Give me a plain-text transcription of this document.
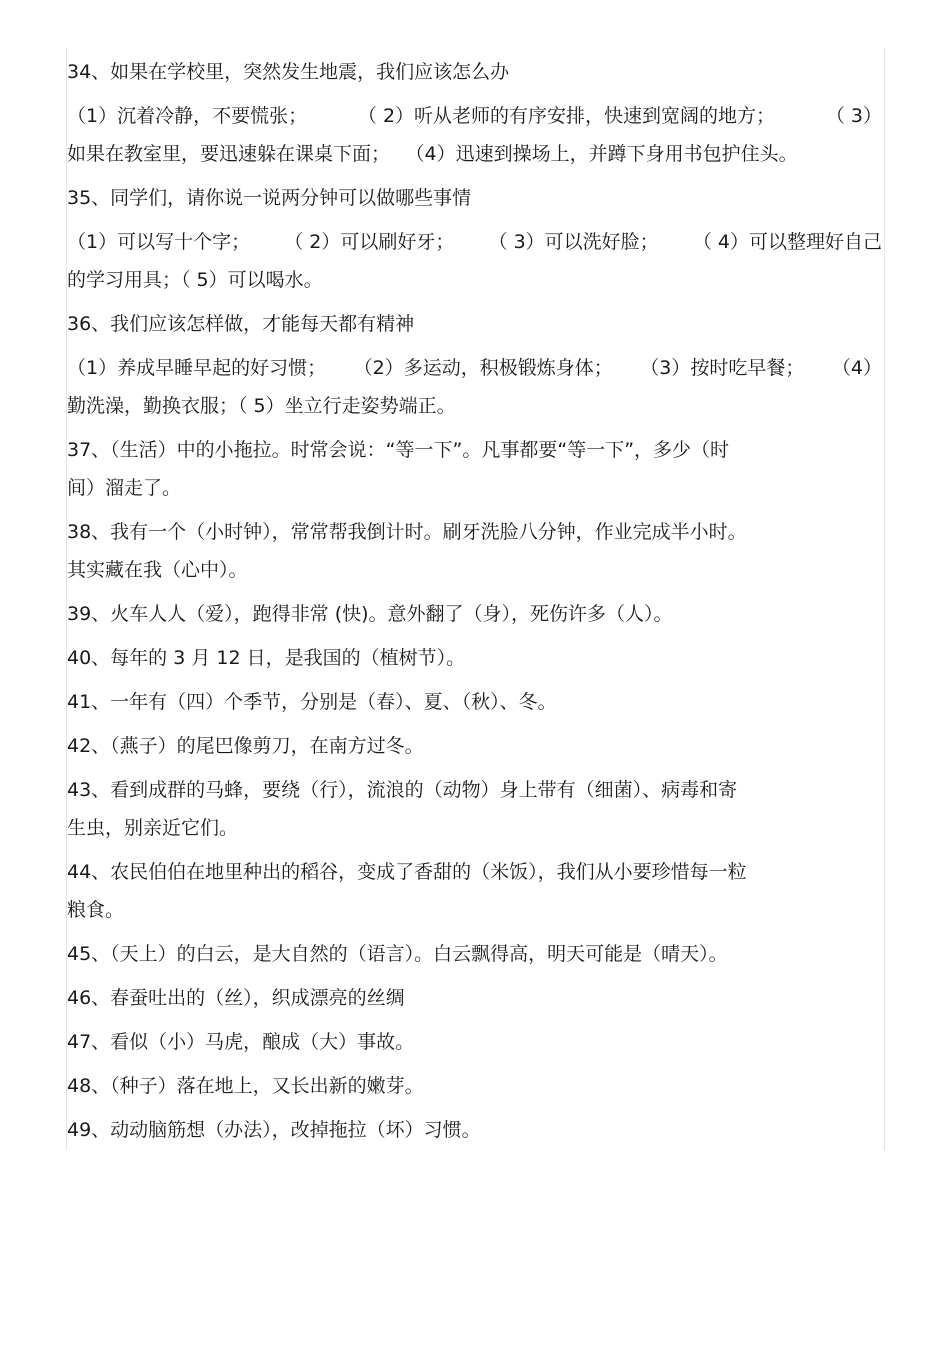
34、如果在学校里，突然发生地震，我们应该怎么办
（1）沉着冷静，不要慌张；	（ 2）听从老师的有序安排，快速到宽阔的地方；	（ 3）
如果在教室里，要迅速躲在课桌下面；　 （4）迅速到操场上，并蹲下身用书包护住头。
35、同学们，请你说一说两分钟可以做哪些事情
（1）可以写十个字； （ 2）可以刷好牙； （ 3）可以洗好脸； （ 4）可以整理好自己
的学习用具；（ 5）可以喝水。
36、我们应该怎样做，才能每天都有精神
（1）养成早睡早起的好习惯； （2）多运动，积极锻炼身体； （3）按时吃早餐； （4）
勤洗澡，勤换衣服；（ 5）坐立行走姿势端正。
37、（生活）中的小拖拉。时常会说：“等一下”。凡事都要“等一下”，多少（时
间）溜走了。
38、我有一个（小时钟），常常帮我倒计时。刷牙洗脸八分钟，作业完成半小时。
其实藏在我（心中）。
39、火车人人（爱），跑得非常 (快)。意外翻了（身），死伤许多（人）。
40、每年的 3 月 12 日，是我国的（植树节）。
41、一年有（四）个季节，分别是（春）、夏、（秋）、冬。
42、（燕子）的尾巴像剪刀，在南方过冬。
43、看到成群的马蜂，要绕（行），流浪的（动物）身上带有（细菌）、病毒和寄
生虫，别亲近它们。
44、农民伯伯在地里种出的稻谷，变成了香甜的（米饭），我们从小要珍惜每一粒
粮食。
45、（天上）的白云，是大自然的（语言）。白云飘得高，明天可能是（晴天）。
46、春蚕吐出的（丝），织成漂亮的丝绸
47、看似（小）马虎，酿成（大）事故。
48、（种子）落在地上，又长出新的嫩芽。
49、动动脑筋想（办法），改掉拖拉（坏）习惯。
